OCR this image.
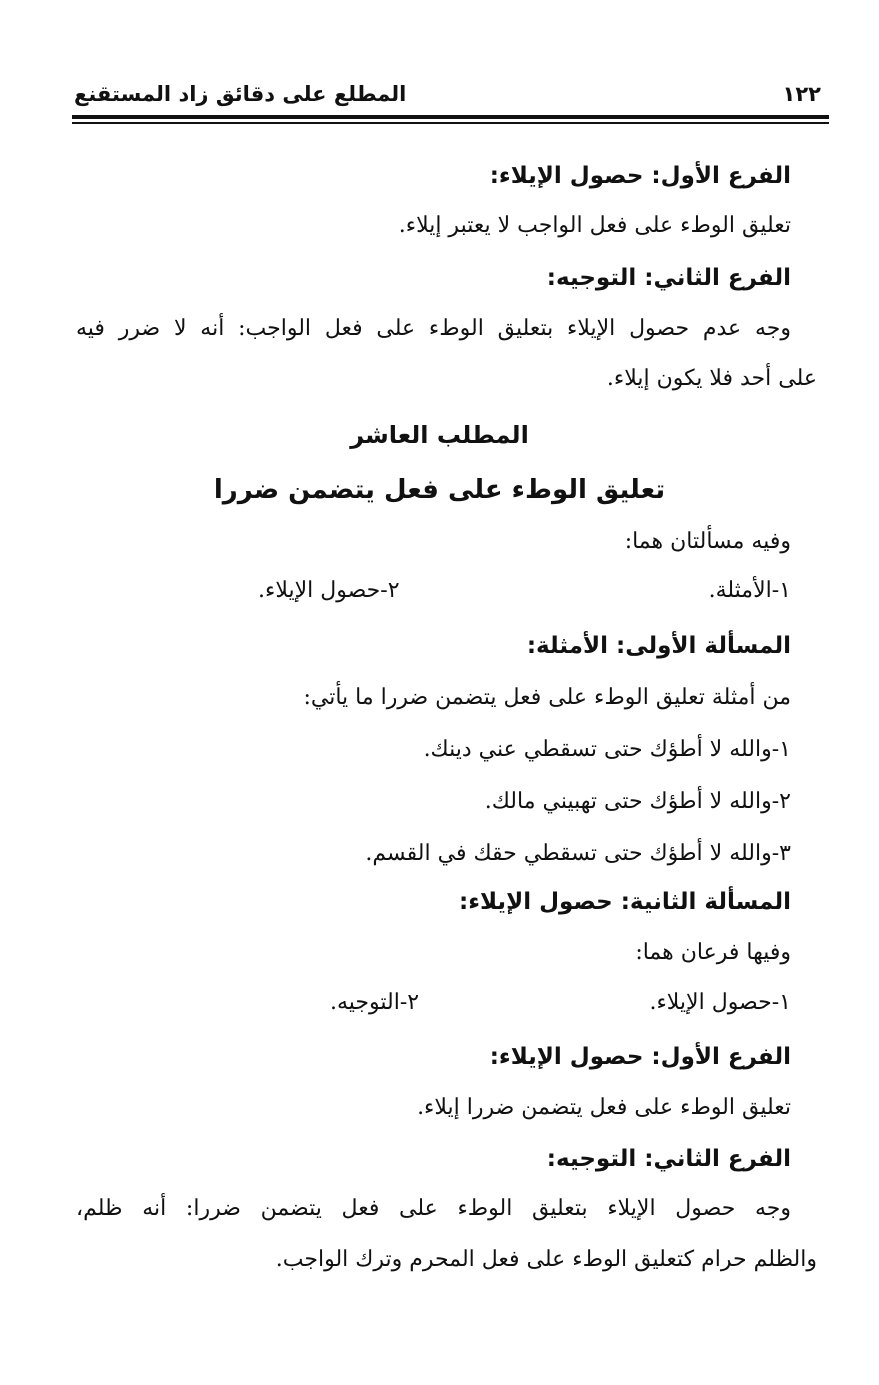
١٢٢
المطلع على دقائق زاد المستقنع
الفرع الأول: حصول الإيلاء:
تعليق الوطء على فعل الواجب لا يعتبر إيلاء.
الفرع الثاني: التوجيه:
وجه عدم حصول الإيلاء بتعليق الوطء على فعل الواجب: أنه لا ضرر فيه
على أحد فلا يكون إيلاء.
المطلب العاشر
تعليق الوطء على فعل يتضمن ضررا
وفيه مسألتان هما:
١-الأمثلة.
٢-حصول الإيلاء.
المسألة الأولى: الأمثلة:
من أمثلة تعليق الوطء على فعل يتضمن ضررا ما يأتي:
١-والله لا أطؤك حتى تسقطي عني دينك.
٢-والله لا أطؤك حتى تهبيني مالك.
٣-والله لا أطؤك حتى تسقطي حقك في القسم.
المسألة الثانية: حصول الإيلاء:
وفيها فرعان هما:
١-حصول الإيلاء.
٢-التوجيه.
الفرع الأول: حصول الإيلاء:
تعليق الوطء على فعل يتضمن ضررا إيلاء.
الفرع الثاني: التوجيه:
وجه حصول الإيلاء بتعليق الوطء على فعل يتضمن ضررا: أنه ظلم،
والظلم حرام كتعليق الوطء على فعل المحرم وترك الواجب.
